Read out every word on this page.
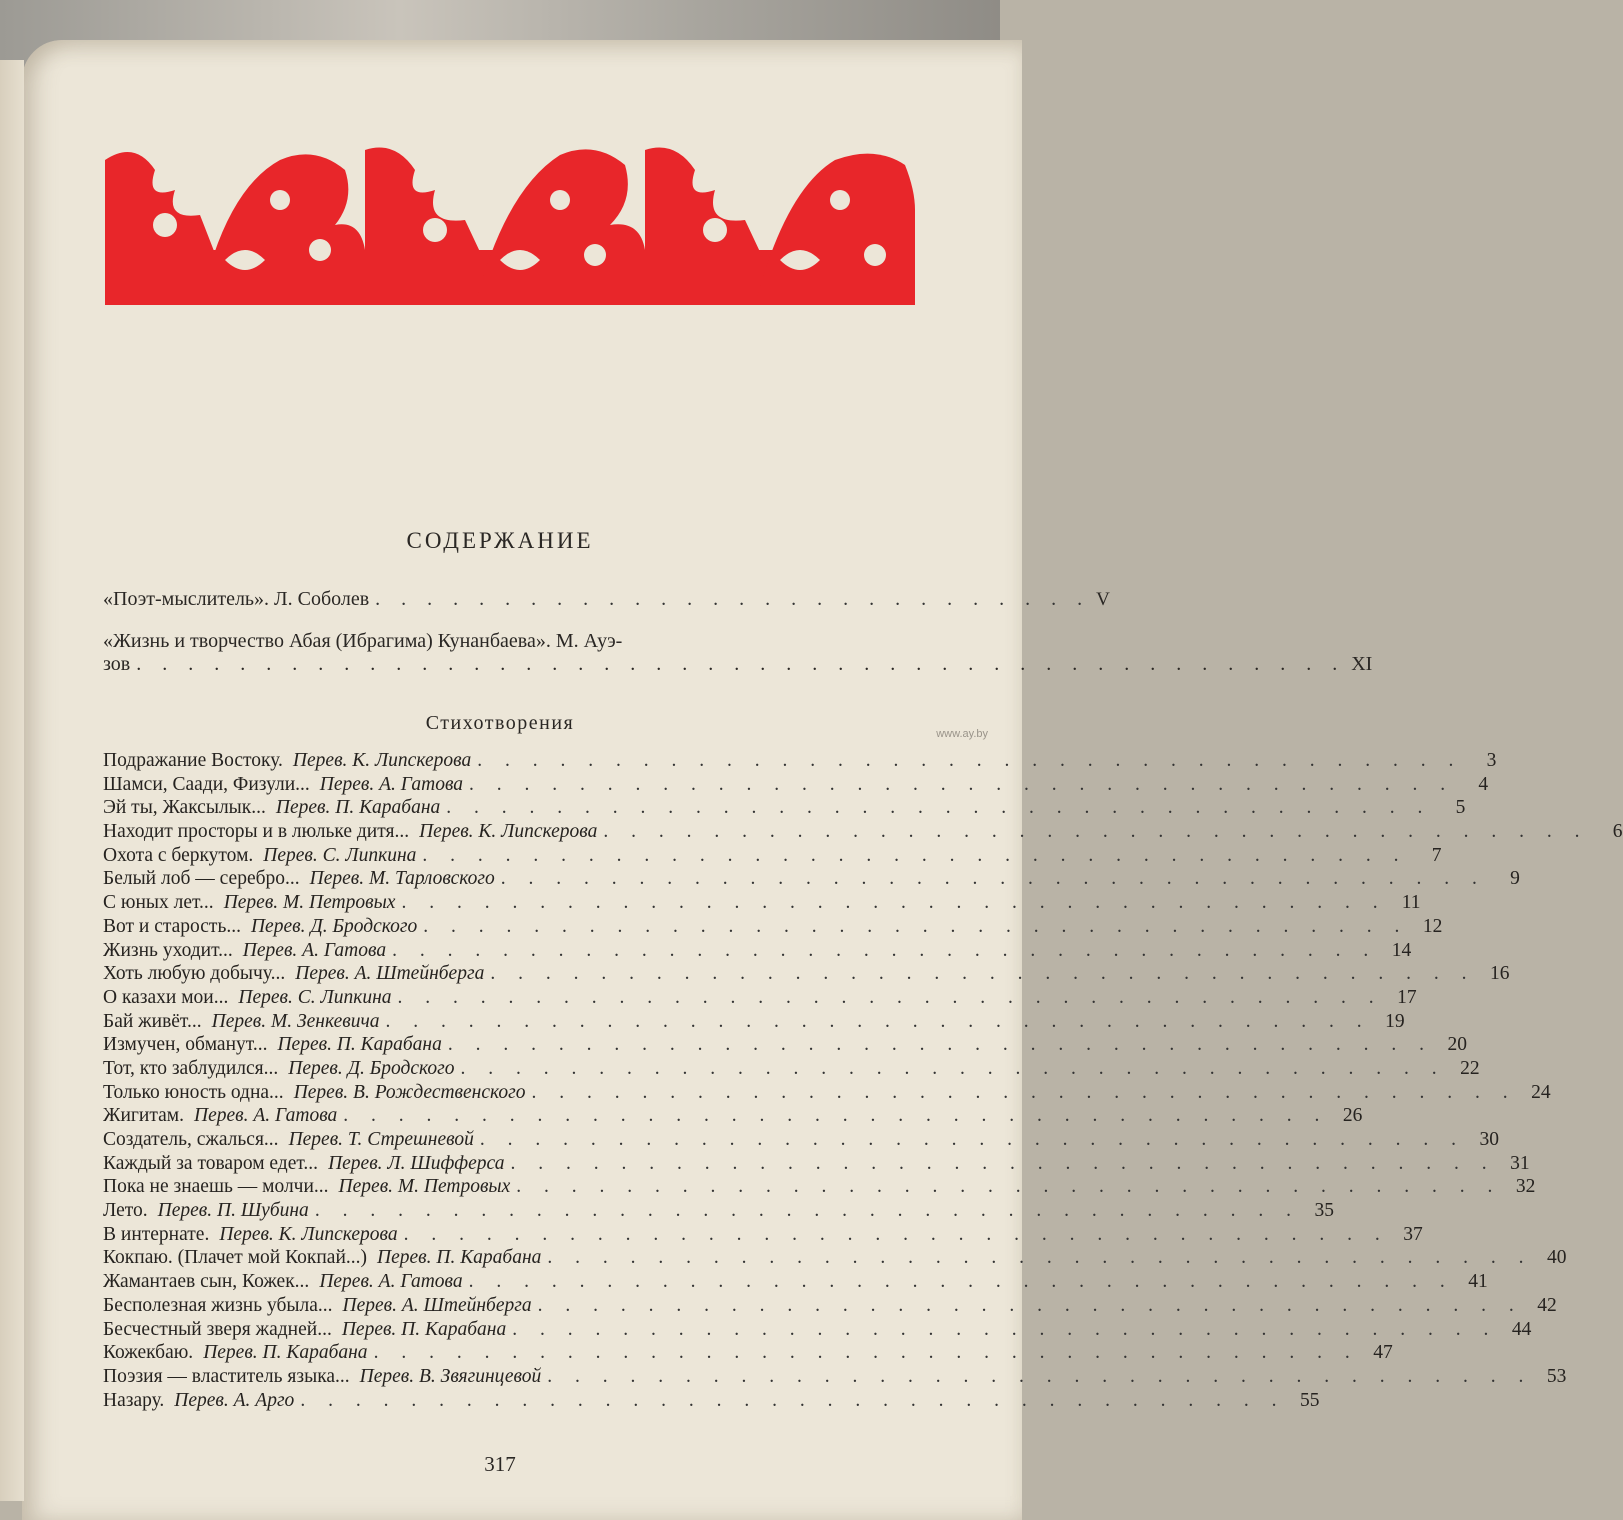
СОДЕРЖАНИЕ
«Поэт-мыслитель». Л. Соболев . . . . . . . . . . . . . . . . . . . . . . . . . . . . V
«Жизнь и творчество Абая (Ибрагима) Кунанбаева». М. Ауэ-
зов . . . . . . . . . . . . . . . . . . . . . . . . . . . . . . . . . . . . . . . . . . . . . . . XI
Стихотворения
Подражание Востоку. Перев. К. Липскерова . . . . . . . . . . . . . . . . . . . . . . . . . . . . . . . . . . . .	3
Шамси, Саади, Физули... Перев. А. Гатова . . . . . . . . . . . . . . . . . . . . . . . . . . . . . . . . . . . .	4
Эй ты, Жаксылык... Перев. П. Карабана . . . . . . . . . . . . . . . . . . . . . . . . . . . . . . . . . . . .	5
Находит просторы и в люльке дитя... Перев. К. Липскерова . . . . . . . . . . . . . . . . . . . . . . . . . . . . . . . . . . . .	6
Охота с беркутом. Перев. С. Липкина . . . . . . . . . . . . . . . . . . . . . . . . . . . . . . . . . . . .	7
Белый лоб — серебро... Перев. М. Тарловского . . . . . . . . . . . . . . . . . . . . . . . . . . . . . . . . . . . .	9
С юных лет... Перев. М. Петровых . . . . . . . . . . . . . . . . . . . . . . . . . . . . . . . . . . . . 11
Вот и старость... Перев. Д. Бродского . . . . . . . . . . . . . . . . . . . . . . . . . . . . . . . . . . . . 12
Жизнь уходит... Перев. А. Гатова . . . . . . . . . . . . . . . . . . . . . . . . . . . . . . . . . . . . 14
Хоть любую добычу... Перев. А. Штейнберга . . . . . . . . . . . . . . . . . . . . . . . . . . . . . . . . . . . . 16
О казахи мои... Перев. С. Липкина . . . . . . . . . . . . . . . . . . . . . . . . . . . . . . . . . . . . 17
Бай живёт... Перев. М. Зенкевича . . . . . . . . . . . . . . . . . . . . . . . . . . . . . . . . . . . . 19
Измучен, обманут... Перев. П. Карабана . . . . . . . . . . . . . . . . . . . . . . . . . . . . . . . . . . . . 20
Тот, кто заблудился... Перев. Д. Бродского . . . . . . . . . . . . . . . . . . . . . . . . . . . . . . . . . . . . 22
Только юность одна... Перев. В. Рождественского . . . . . . . . . . . . . . . . . . . . . . . . . . . . . . . . . . . . 24
Жигитам. Перев. А. Гатова . . . . . . . . . . . . . . . . . . . . . . . . . . . . . . . . . . . . 26
Создатель, сжалься... Перев. Т. Стрешневой . . . . . . . . . . . . . . . . . . . . . . . . . . . . . . . . . . . . 30
Каждый за товаром едет... Перев. Л. Шифферса . . . . . . . . . . . . . . . . . . . . . . . . . . . . . . . . . . . . 31
Пока не знаешь — молчи... Перев. М. Петровых . . . . . . . . . . . . . . . . . . . . . . . . . . . . . . . . . . . . 32
Лето. Перев. П. Шубина . . . . . . . . . . . . . . . . . . . . . . . . . . . . . . . . . . . . 35
В интернате. Перев. К. Липскерова . . . . . . . . . . . . . . . . . . . . . . . . . . . . . . . . . . . . 37
Кокпаю. (Плачет мой Кокпай...) Перев. П. Карабана . . . . . . . . . . . . . . . . . . . . . . . . . . . . . . . . . . . . 40
Жамантаев сын, Кожек... Перев. А. Гатова . . . . . . . . . . . . . . . . . . . . . . . . . . . . . . . . . . . . 41
Бесполезная жизнь убыла... Перев. А. Штейнберга . . . . . . . . . . . . . . . . . . . . . . . . . . . . . . . . . . . . 42
Бесчестный зверя жадней... Перев. П. Карабана . . . . . . . . . . . . . . . . . . . . . . . . . . . . . . . . . . . . 44
Кожекбаю. Перев. П. Карабана . . . . . . . . . . . . . . . . . . . . . . . . . . . . . . . . . . . . 47
Поэзия — властитель языка... Перев. В. Звягинцевой . . . . . . . . . . . . . . . . . . . . . . . . . . . . . . . . . . . . 53
Назару. Перев. А. Арго . . . . . . . . . . . . . . . . . . . . . . . . . . . . . . . . . . . . 55
317
www.ay.by
